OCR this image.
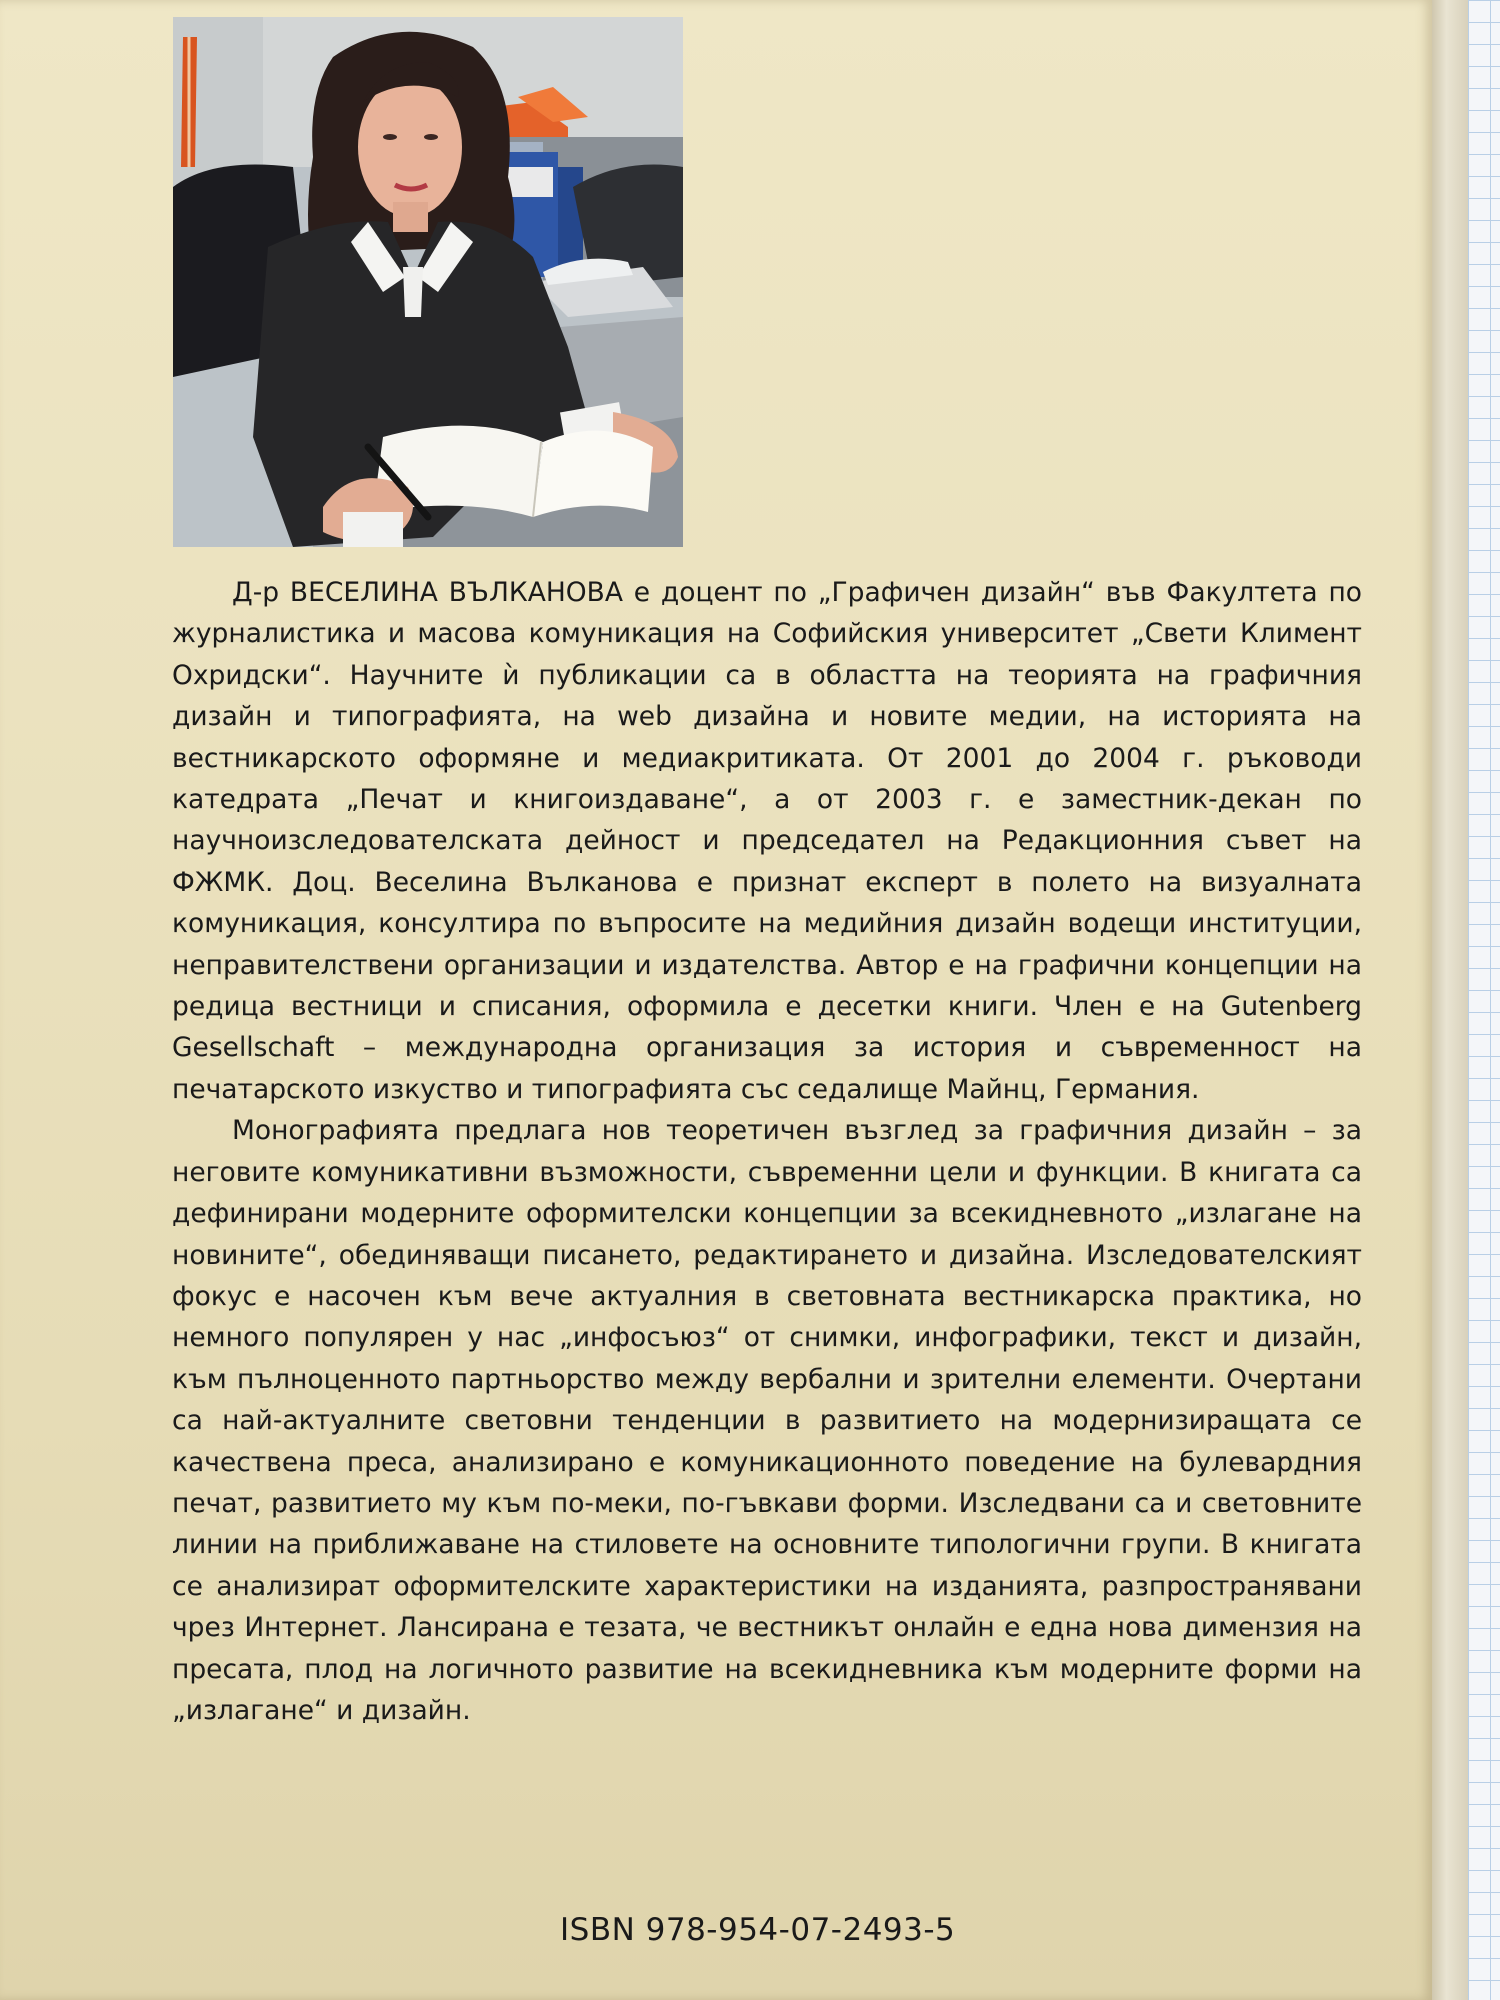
Д-р ВЕСЕЛИНА ВЪЛКАНОВА е доцент по „Графичен дизайн“ във Факултета по журналистика и масова комуникация на Софийския университет „Свети Климент Охридски“. Научните ѝ публикации са в областта на теорията на графичния дизайн и типографията, на web дизайна и новите медии, на историята на вестникарското оформяне и медиакритиката. От 2001 до 2004 г. ръководи катедрата „Печат и книгоиздаване“, а от 2003 г. е заместник-декан по научноизследователската дейност и председател на Редакционния съвет на ФЖМК. Доц. Веселина Вълканова е признат експерт в полето на визуалната комуникация, консултира по въпросите на медийния дизайн водещи институции, неправителствени организации и издателства. Автор е на графични концепции на редица вестници и списания, оформила е десетки книги. Член е на Gutenberg Gesellschaft – международна организация за история и съвременност на печатарското изкуство и типографията със седалище Майнц, Германия.

Монографията предлага нов теоретичен възглед за графичния дизайн – за неговите комуникативни възможности, съвременни цели и функции. В книгата са дефинирани модерните оформителски концепции за всекидневното „излагане на новините“, обединяващи писането, редактирането и дизайна. Изследователският фокус е насочен към вече актуалния в световната вестникарска практика, но немного популярен у нас „инфосъюз“ от снимки, инфографики, текст и дизайн, към пълноценното партньорство между вербални и зрителни елементи. Очертани са най-актуалните световни тенденции в развитието на модернизиращата се качествена преса, анализирано е комуникационното поведение на булевардния печат, развитието му към по-меки, по-гъвкави форми. Изследвани са и световните линии на приближаване на стиловете на основните типологични групи. В книгата се анализират оформителските характеристики на изданията, разпространявани чрез Интернет. Лансирана е тезата, че вестникът онлайн е една нова димензия на пресата, плод на логичното развитие на всекидневника към модерните форми на „излагане“ и дизайн.

ISBN 978-954-07-2493-5
